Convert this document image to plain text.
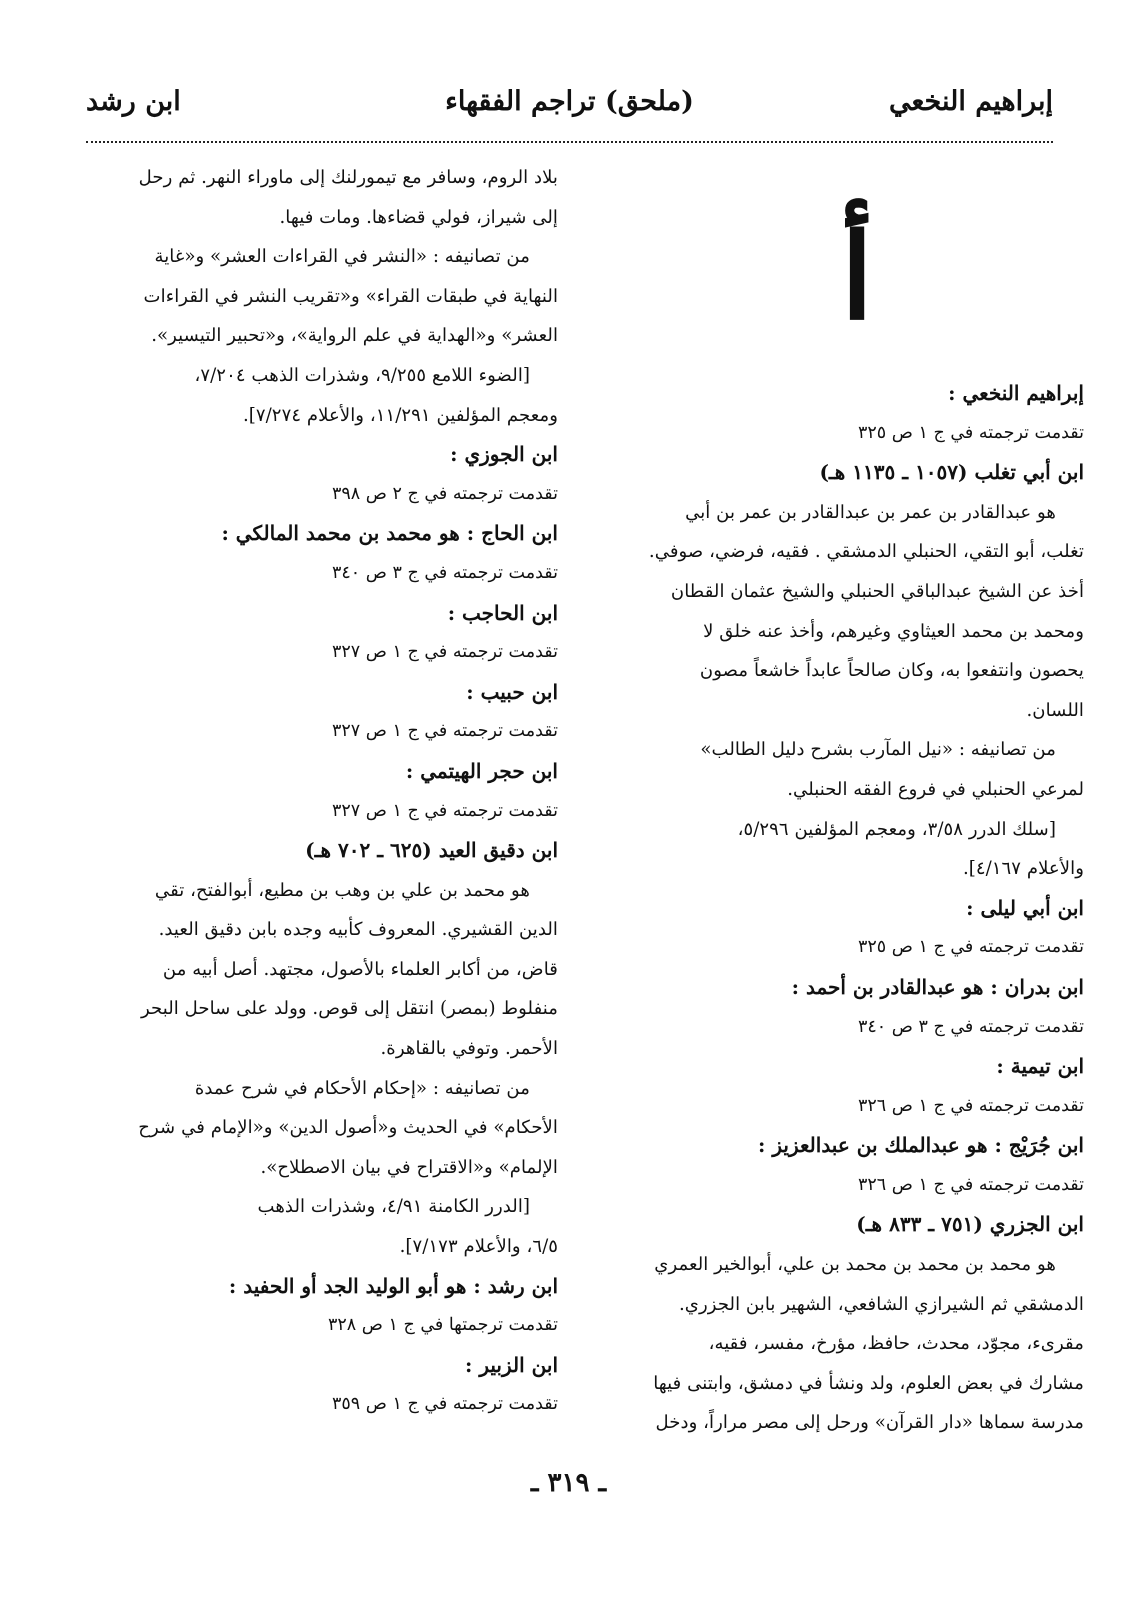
إبراهيم النخعي
(ملحق) تراجم الفقهاء
ابن رشد
أ
إبراهيم النخعي :
تقدمت ترجمته في ج ١ ص ٣٢٥
ابن أبي تغلب (١٠٥٧ ـ ١١٣٥ هـ)
هو عبدالقادر بن عمر بن عبدالقادر بن عمر بن أبي
تغلب، أبو التقي، الحنبلي الدمشقي . فقيه، فرضي، صوفي.
أخذ عن الشيخ عبدالباقي الحنبلي والشيخ عثمان القطان
ومحمد بن محمد العيثاوي وغيرهم، وأخذ عنه خلق لا
يحصون وانتفعوا به، وكان صالحاً عابداً خاشعاً مصون
اللسان.
من تصانيفه : «نيل المآرب بشرح دليل الطالب»
لمرعي الحنبلي في فروع الفقه الحنبلي.
[سلك الدرر ٣/٥٨، ومعجم المؤلفين ٥/٢٩٦،
والأعلام ٤/١٦٧].
ابن أبي ليلى :
تقدمت ترجمته في ج ١ ص ٣٢٥
ابن بدران : هو عبدالقادر بن أحمد :
تقدمت ترجمته في ج ٣ ص ٣٤٠
ابن تيمية :
تقدمت ترجمته في ج ١ ص ٣٢٦
ابن جُرَيْج : هو عبدالملك بن عبدالعزيز :
تقدمت ترجمته في ج ١ ص ٣٢٦
ابن الجزري (٧٥١ ـ ٨٣٣ هـ)
هو محمد بن محمد بن محمد بن علي، أبوالخير العمري
الدمشقي ثم الشيرازي الشافعي، الشهير بابن الجزري.
مقرىء، مجوّد، محدث، حافظ، مؤرخ، مفسر، فقيه،
مشارك في بعض العلوم، ولد ونشأ في دمشق، وابتنى فيها
مدرسة سماها «دار القرآن» ورحل إلى مصر مراراً، ودخل
بلاد الروم، وسافر مع تيمورلنك إلى ماوراء النهر. ثم رحل
إلى شيراز، فولي قضاءها. ومات فيها.
من تصانيفه : «النشر في القراءات العشر» و«غاية
النهاية في طبقات القراء» و«تقريب النشر في القراءات
العشر» و«الهداية في علم الرواية»، و«تحبير التيسير».
[الضوء اللامع ٩/٢٥٥، وشذرات الذهب ٧/٢٠٤،
ومعجم المؤلفين ١١/٢٩١، والأعلام ٧/٢٧٤].
ابن الجوزي :
تقدمت ترجمته في ج ٢ ص ٣٩٨
ابن الحاج : هو محمد بن محمد المالكي :
تقدمت ترجمته في ج ٣ ص ٣٤٠
ابن الحاجب :
تقدمت ترجمته في ج ١ ص ٣٢٧
ابن حبيب :
تقدمت ترجمته في ج ١ ص ٣٢٧
ابن حجر الهيتمي :
تقدمت ترجمته في ج ١ ص ٣٢٧
ابن دقيق العيد (٦٢٥ ـ ٧٠٢ هـ)
هو محمد بن علي بن وهب بن مطيع، أبوالفتح، تقي
الدين القشيري. المعروف كأبيه وجده بابن دقيق العيد.
قاض، من أكابر العلماء بالأصول، مجتهد. أصل أبيه من
منفلوط (بمصر) انتقل إلى قوص. وولد على ساحل البحر
الأحمر. وتوفي بالقاهرة.
من تصانيفه : «إحكام الأحكام في شرح عمدة
الأحكام» في الحديث و«أصول الدين» و«الإمام في شرح
الإلمام» و«الاقتراح في بيان الاصطلاح».
[الدرر الكامنة ٤/٩١، وشذرات الذهب
٦/٥، والأعلام ٧/١٧٣].
ابن رشد : هو أبو الوليد الجد أو الحفيد :
تقدمت ترجمتها في ج ١ ص ٣٢٨
ابن الزبير :
تقدمت ترجمته في ج ١ ص ٣٥٩
ـ ٣١٩ ـ
